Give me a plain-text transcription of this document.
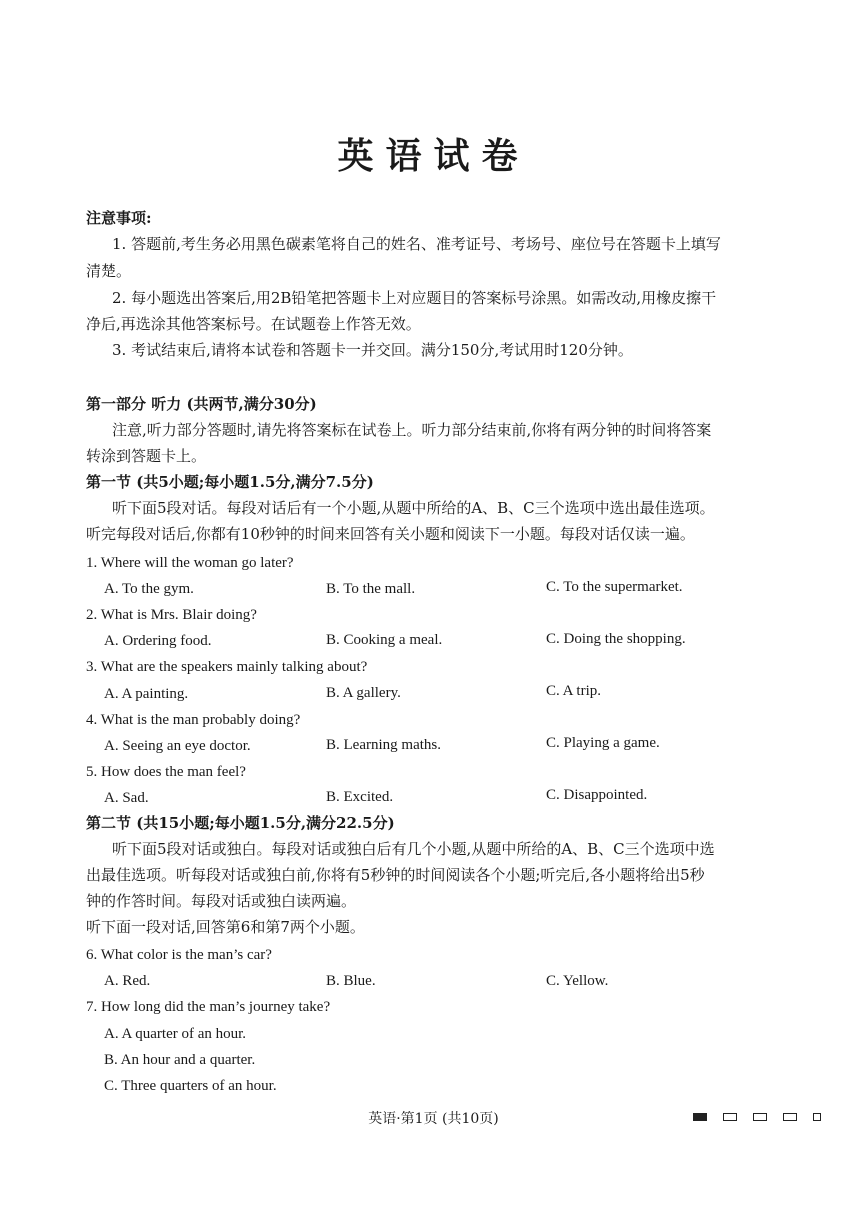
英语试卷
注意事项:
1. 答题前,考生务必用黑色碳素笔将自己的姓名、准考证号、考场号、座位号在答题卡上填写
清楚。
2. 每小题选出答案后,用2B铅笔把答题卡上对应题目的答案标号涂黑。如需改动,用橡皮擦干
净后,再选涂其他答案标号。在试题卷上作答无效。
3. 考试结束后,请将本试卷和答题卡一并交回。满分150分,考试用时120分钟。
第一部分 听力 (共两节,满分30分)
注意,听力部分答题时,请先将答案标在试卷上。听力部分结束前,你将有两分钟的时间将答案
转涂到答题卡上。
第一节 (共5小题;每小题1.5分,满分7.5分)
听下面5段对话。每段对话后有一个小题,从题中所给的A、B、C三个选项中选出最佳选项。
听完每段对话后,你都有10秒钟的时间来回答有关小题和阅读下一小题。每段对话仅读一遍。
1. Where will the woman go later?
A. To the gym.	B. To the mall.	C. To the supermarket.
2. What is Mrs. Blair doing?
A. Ordering food.	B. Cooking a meal.	C. Doing the shopping.
3. What are the speakers mainly talking about?
A. A painting.	B. A gallery.	C. A trip.
4. What is the man probably doing?
A. Seeing an eye doctor.	B. Learning maths.	C. Playing a game.
5. How does the man feel?
A. Sad.	B. Excited.	C. Disappointed.
第二节 (共15小题;每小题1.5分,满分22.5分)
听下面5段对话或独白。每段对话或独白后有几个小题,从题中所给的A、B、C三个选项中选
出最佳选项。听每段对话或独白前,你将有5秒钟的时间阅读各个小题;听完后,各小题将给出5秒
钟的作答时间。每段对话或独白读两遍。
听下面一段对话,回答第6和第7两个小题。
6. What color is the man’s car?
A. Red.	B. Blue.	C. Yellow.
7. How long did the man’s journey take?
A. A quarter of an hour.
B. An hour and a quarter.
C. Three quarters of an hour.
英语·第1页 (共10页)
